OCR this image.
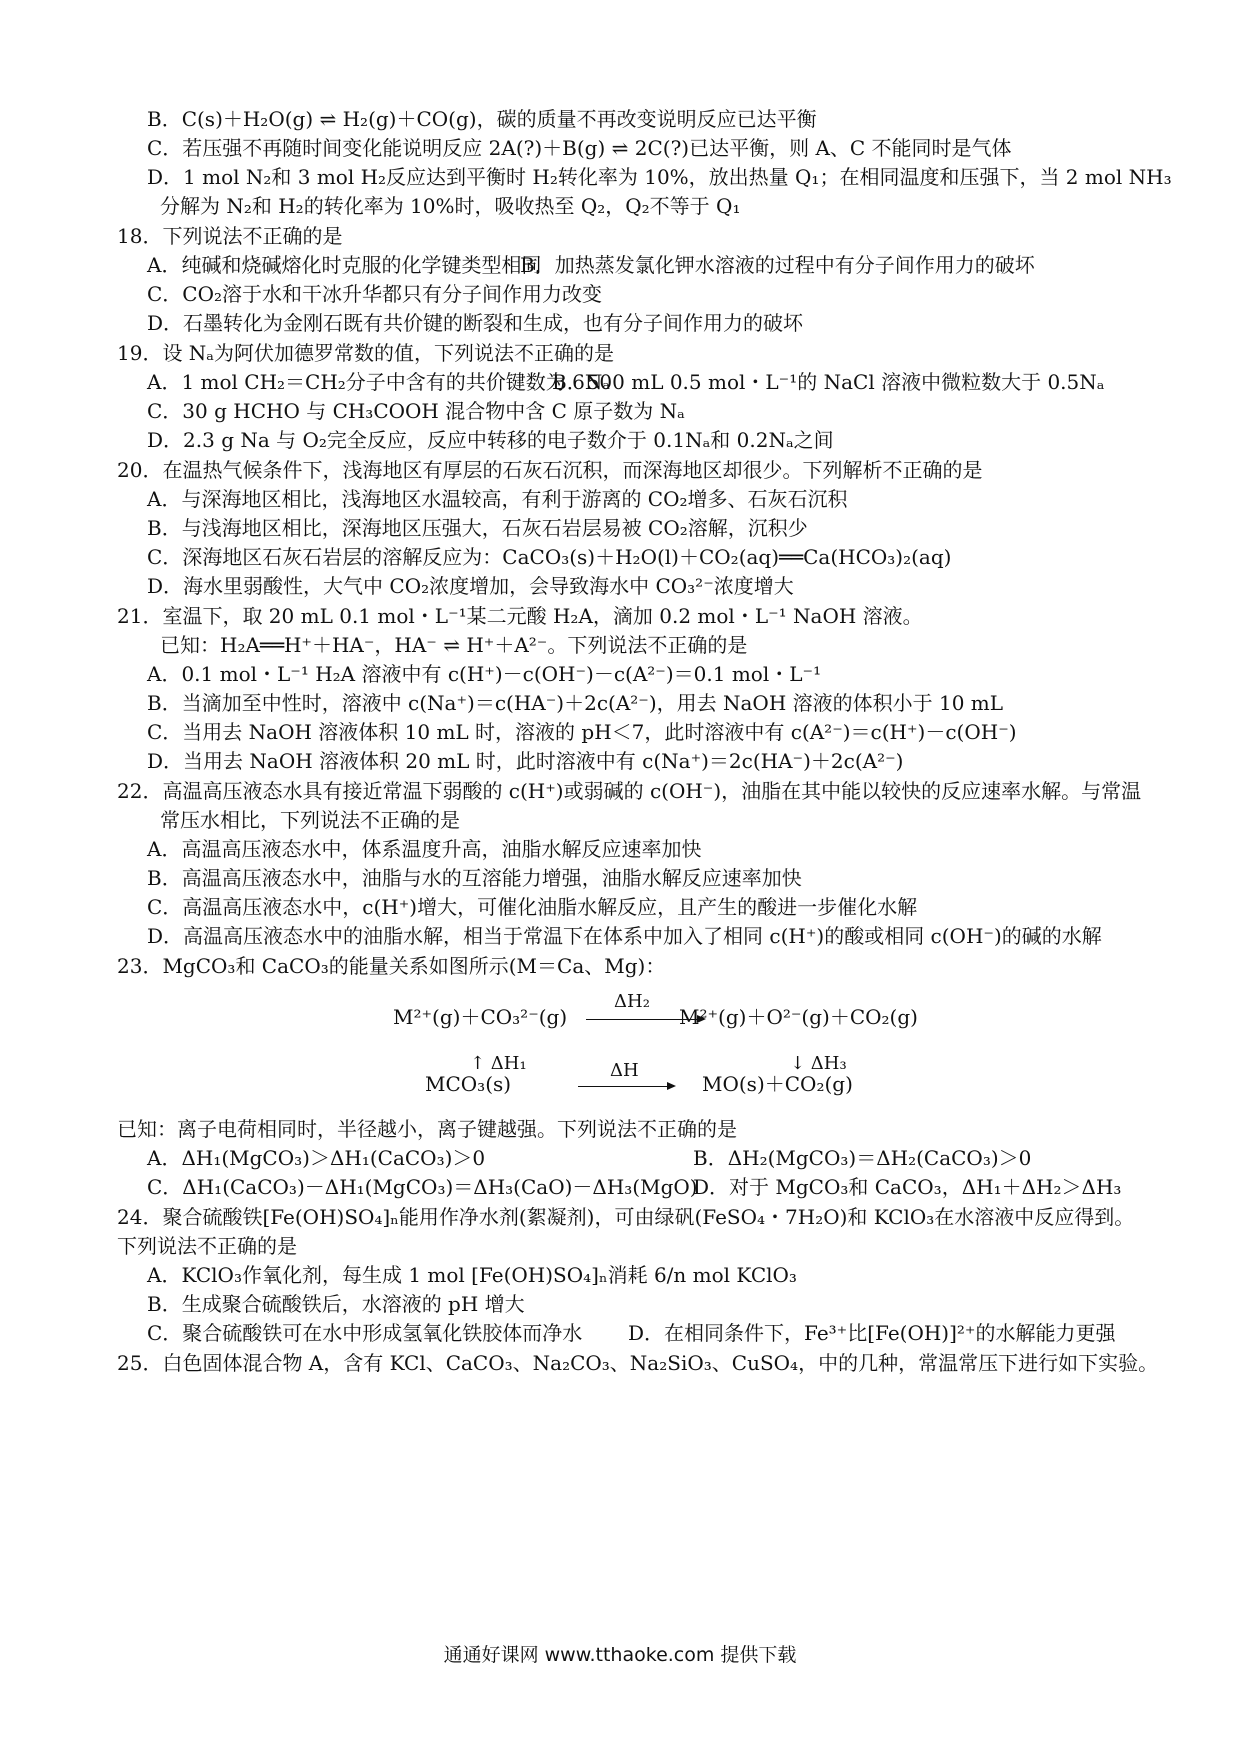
B．C(s)＋H₂O(g) ⇌ H₂(g)＋CO(g)，碳的质量不再改变说明反应已达平衡
C．若压强不再随时间变化能说明反应 2A(?)＋B(g) ⇌ 2C(?)已达平衡，则 A、C 不能同时是气体
D．1 mol N₂和 3 mol H₂反应达到平衡时 H₂转化率为 10%，放出热量 Q₁；在相同温度和压强下，当 2 mol NH₃
分解为 N₂和 H₂的转化率为 10%时，吸收热至 Q₂，Q₂不等于 Q₁
18．下列说法不正确的是
A．纯碱和烧碱熔化时克服的化学键类型相同
B．加热蒸发氯化钾水溶液的过程中有分子间作用力的破坏
C．CO₂溶于水和干冰升华都只有分子间作用力改变
D．石墨转化为金刚石既有共价键的断裂和生成，也有分子间作用力的破坏
19．设 Nₐ为阿伏加德罗常数的值，下列说法不正确的是
A．1 mol CH₂＝CH₂分子中含有的共价键数为 6Nₐ
B．500 mL 0.5 mol・L⁻¹的 NaCl 溶液中微粒数大于 0.5Nₐ
C．30 g HCHO 与 CH₃COOH 混合物中含 C 原子数为 Nₐ
D．2.3 g Na 与 O₂完全反应，反应中转移的电子数介于 0.1Nₐ和 0.2Nₐ之间
20．在温热气候条件下，浅海地区有厚层的石灰石沉积，而深海地区却很少。下列解析不正确的是
A．与深海地区相比，浅海地区水温较高，有利于游离的 CO₂增多、石灰石沉积
B．与浅海地区相比，深海地区压强大，石灰石岩层易被 CO₂溶解，沉积少
C．深海地区石灰石岩层的溶解反应为：CaCO₃(s)＋H₂O(l)＋CO₂(aq)══Ca(HCO₃)₂(aq)
D．海水里弱酸性，大气中 CO₂浓度增加，会导致海水中 CO₃²⁻浓度增大
21．室温下，取 20 mL 0.1 mol・L⁻¹某二元酸 H₂A，滴加 0.2 mol・L⁻¹ NaOH 溶液。
已知：H₂A══H⁺＋HA⁻，HA⁻ ⇌ H⁺＋A²⁻。下列说法不正确的是
A．0.1 mol・L⁻¹ H₂A 溶液中有 c(H⁺)－c(OH⁻)－c(A²⁻)＝0.1 mol・L⁻¹
B．当滴加至中性时，溶液中 c(Na⁺)＝c(HA⁻)＋2c(A²⁻)，用去 NaOH 溶液的体积小于 10 mL
C．当用去 NaOH 溶液体积 10 mL 时，溶液的 pH＜7，此时溶液中有 c(A²⁻)＝c(H⁺)－c(OH⁻)
D．当用去 NaOH 溶液体积 20 mL 时，此时溶液中有 c(Na⁺)＝2c(HA⁻)＋2c(A²⁻)
22．高温高压液态水具有接近常温下弱酸的 c(H⁺)或弱碱的 c(OH⁻)，油脂在其中能以较快的反应速率水解。与常温
常压水相比，下列说法不正确的是
A．高温高压液态水中，体系温度升高，油脂水解反应速率加快
B．高温高压液态水中，油脂与水的互溶能力增强，油脂水解反应速率加快
C．高温高压液态水中，c(H⁺)增大，可催化油脂水解反应，且产生的酸进一步催化水解
D．高温高压液态水中的油脂水解，相当于常温下在体系中加入了相同 c(H⁺)的酸或相同 c(OH⁻)的碱的水解
23．MgCO₃和 CaCO₃的能量关系如图所示(M＝Ca、Mg)：
M²⁺(g)＋CO₃²⁻(g)
ΔH₂
M²⁺(g)＋O²⁻(g)＋CO₂(g)
↑ ΔH₁	↓ ΔH₃
MCO₃(s)
ΔH
MO(s)＋CO₂(g)
已知：离子电荷相同时，半径越小，离子键越强。下列说法不正确的是
A．ΔH₁(MgCO₃)＞ΔH₁(CaCO₃)＞0	B．ΔH₂(MgCO₃)＝ΔH₂(CaCO₃)＞0
C．ΔH₁(CaCO₃)－ΔH₁(MgCO₃)＝ΔH₃(CaO)－ΔH₃(MgO)
D．对于 MgCO₃和 CaCO₃，ΔH₁＋ΔH₂＞ΔH₃
24．聚合硫酸铁[Fe(OH)SO₄]ₙ能用作净水剂(絮凝剂)，可由绿矾(FeSO₄・7H₂O)和 KClO₃在水溶液中反应得到。
下列说法不正确的是
A．KClO₃作氧化剂，每生成 1 mol [Fe(OH)SO₄]ₙ消耗 6/n mol KClO₃
B．生成聚合硫酸铁后，水溶液的 pH 增大
C．聚合硫酸铁可在水中形成氢氧化铁胶体而净水 D．在相同条件下，Fe³⁺比[Fe(OH)]²⁺的水解能力更强
25．白色固体混合物 A，含有 KCl、CaCO₃、Na₂CO₃、Na₂SiO₃、CuSO₄，中的几种，常温常压下进行如下实验。
通通好课网 www.tthaoke.com 提供下载
